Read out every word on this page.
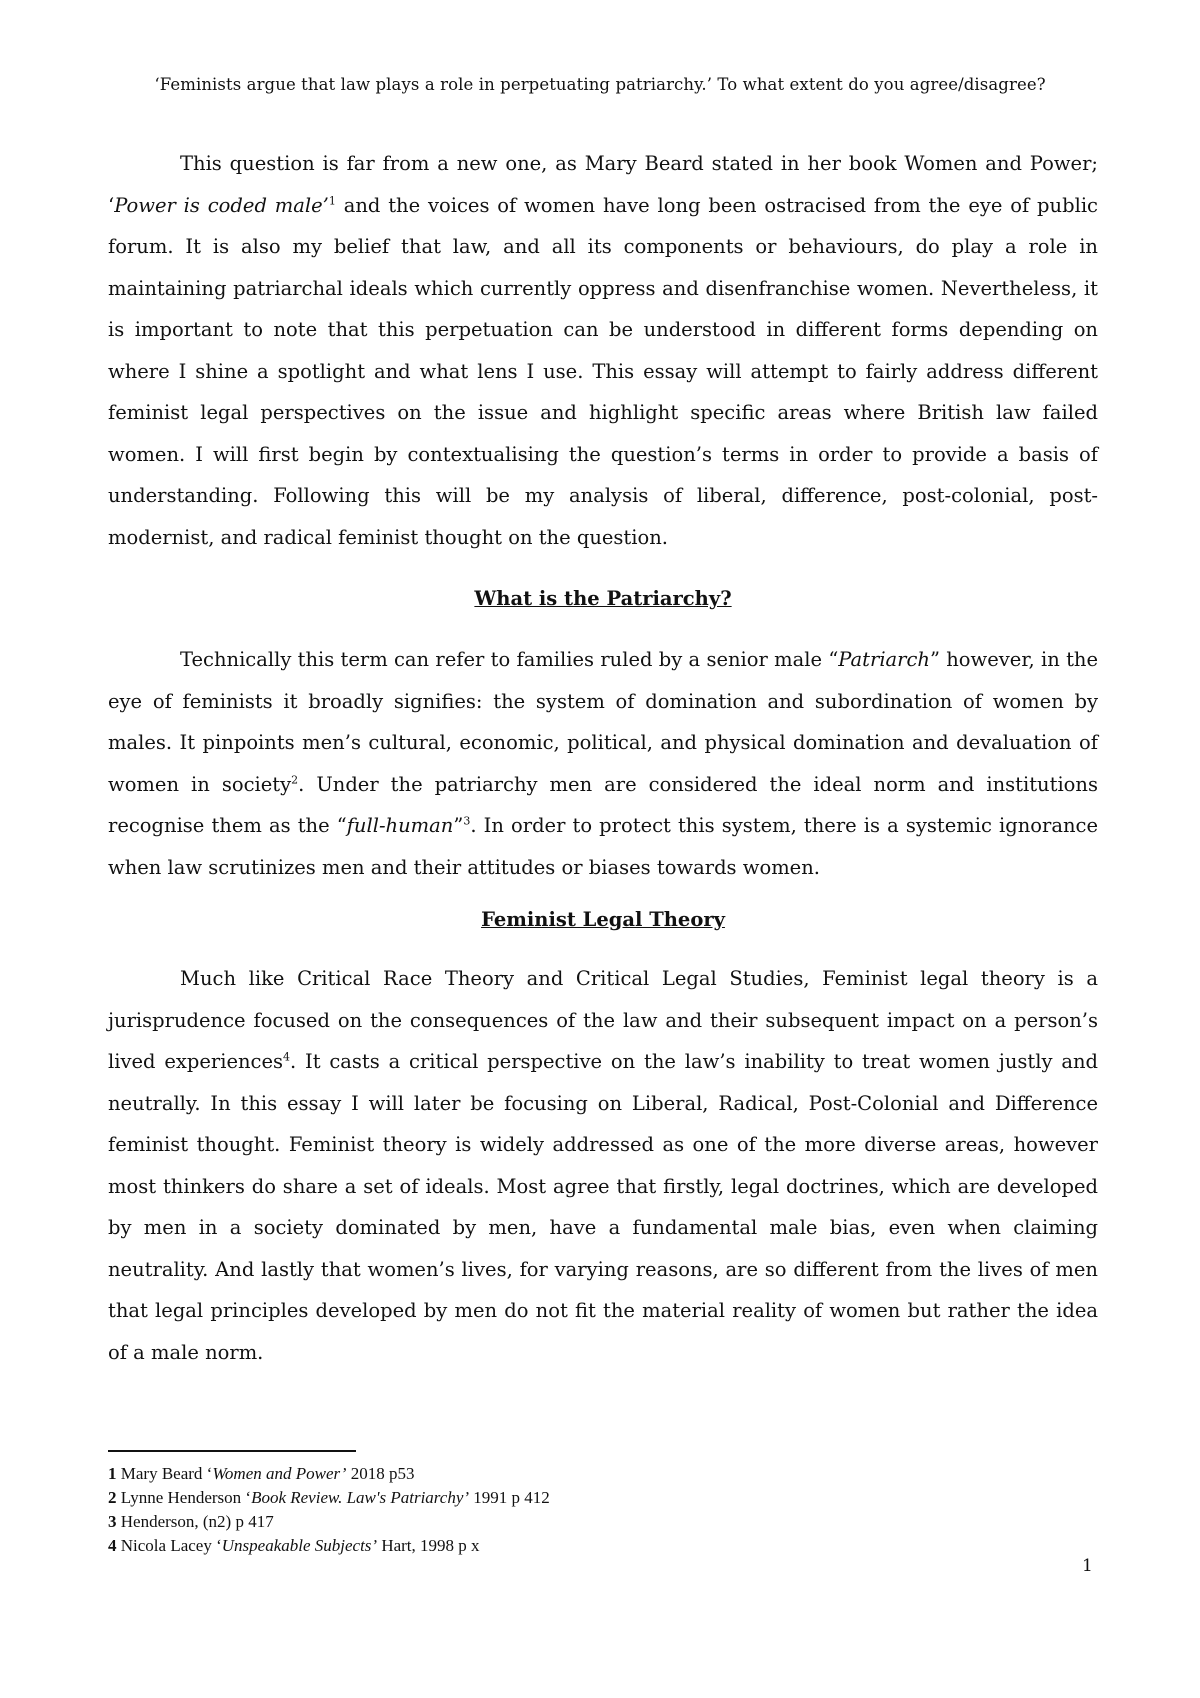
‘Feminists argue that law plays a role in perpetuating patriarchy.’ To what extent do you agree/disagree?

This question is far from a new one, as Mary Beard stated in her book Women and Power; ‘Power is coded male’$^1$ and the voices of women have long been ostracised from the eye of public forum. It is also my belief that law, and all its components or behaviours, do play a role in maintaining patriarchal ideals which currently oppress and disenfranchise women. Nevertheless, it is important to note that this perpetuation can be understood in different forms depending on where I shine a spotlight and what lens I use. This essay will attempt to fairly address different feminist legal perspectives on the issue and highlight specific areas where British law failed women. I will first begin by contextualising the question’s terms in order to provide a basis of understanding. Following this will be my analysis of liberal, difference, post-colonial, post-modernist, and radical feminist thought on the question.

What is the Patriarchy?

Technically this term can refer to families ruled by a senior male “Patriarch” however, in the eye of feminists it broadly signifies: the system of domination and subordination of women by males. It pinpoints men’s cultural, economic, political, and physical domination and devaluation of women in society$^2$. Under the patriarchy men are considered the ideal norm and institutions recognise them as the “full-human”$^3$. In order to protect this system, there is a systemic ignorance when law scrutinizes men and their attitudes or biases towards women.

Feminist Legal Theory

Much like Critical Race Theory and Critical Legal Studies, Feminist legal theory is a jurisprudence focused on the consequences of the law and their subsequent impact on a person’s lived experiences$^4$. It casts a critical perspective on the law’s inability to treat women justly and neutrally. In this essay I will later be focusing on Liberal, Radical, Post-Colonial and Difference feminist thought. Feminist theory is widely addressed as one of the more diverse areas, however most thinkers do share a set of ideals. Most agree that firstly, legal doctrines, which are developed by men in a society dominated by men, have a fundamental male bias, even when claiming neutrality. And lastly that women’s lives, for varying reasons, are so different from the lives of men that legal principles developed by men do not fit the material reality of women but rather the idea of a male norm.

1 Mary Beard ‘Women and Power’ 2018 p53
2 Lynne Henderson ‘Book Review. Law's Patriarchy’ 1991 p 412
3 Henderson, (n2) p 417
4 Nicola Lacey ‘Unspeakable Subjects’ Hart, 1998 p x
1
